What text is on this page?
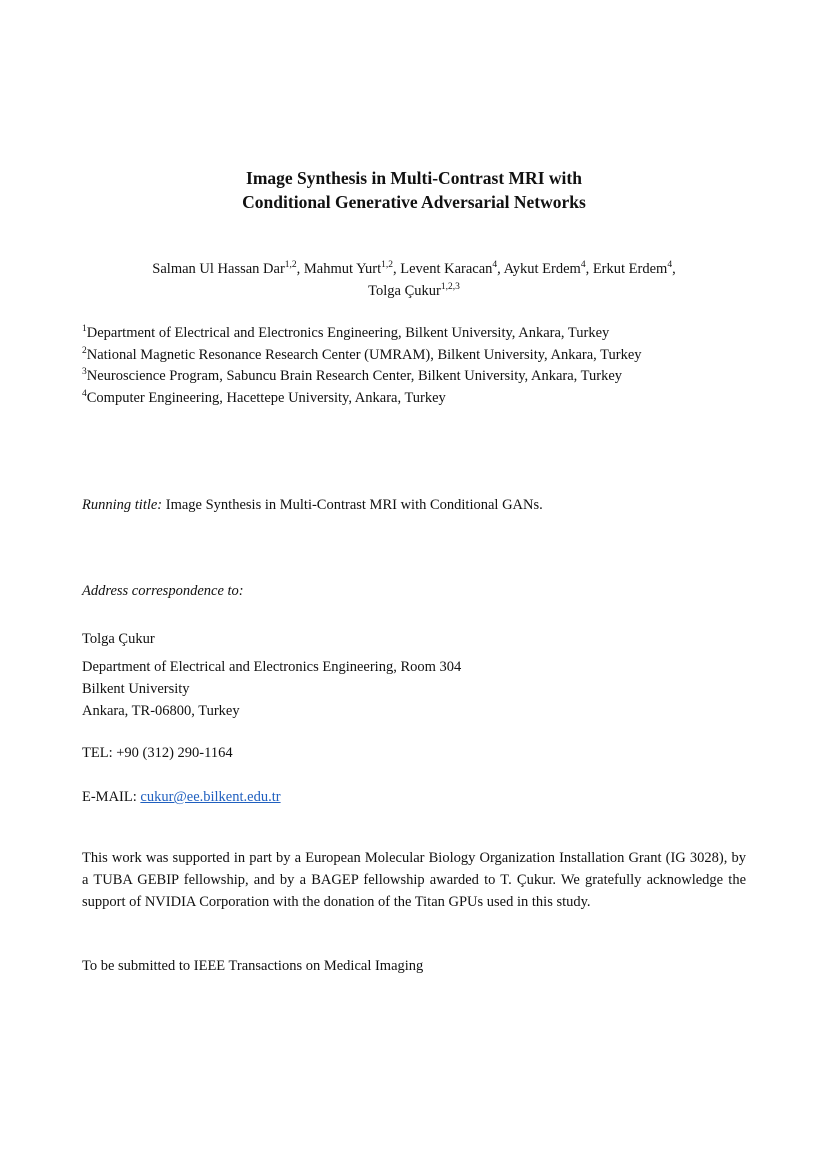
Image Synthesis in Multi-Contrast MRI with
Conditional Generative Adversarial Networks
Salman Ul Hassan Dar$^{1,2}$, Mahmut Yurt$^{1,2}$, Levent Karacan$^4$, Aykut Erdem$^4$, Erkut Erdem$^4$,
Tolga Çukur$^{1,2,3}$
$^1$Department of Electrical and Electronics Engineering, Bilkent University, Ankara, Turkey
$^2$National Magnetic Resonance Research Center (UMRAM), Bilkent University, Ankara, Turkey
$^3$Neuroscience Program, Sabuncu Brain Research Center, Bilkent University, Ankara, Turkey
$^4$Computer Engineering, Hacettepe University, Ankara, Turkey
Running title: Image Synthesis in Multi-Contrast MRI with Conditional GANs.
Address correspondence to:
Tolga Çukur
Department of Electrical and Electronics Engineering, Room 304
Bilkent University
Ankara, TR-06800, Turkey
TEL: +90 (312) 290-1164
E-MAIL: cukur@ee.bilkent.edu.tr
This work was supported in part by a European Molecular Biology Organization Installation Grant (IG 3028), by a TUBA GEBIP fellowship, and by a BAGEP fellowship awarded to T. Çukur. We gratefully acknowledge the support of NVIDIA Corporation with the donation of the Titan GPUs used in this study.
To be submitted to IEEE Transactions on Medical Imaging
